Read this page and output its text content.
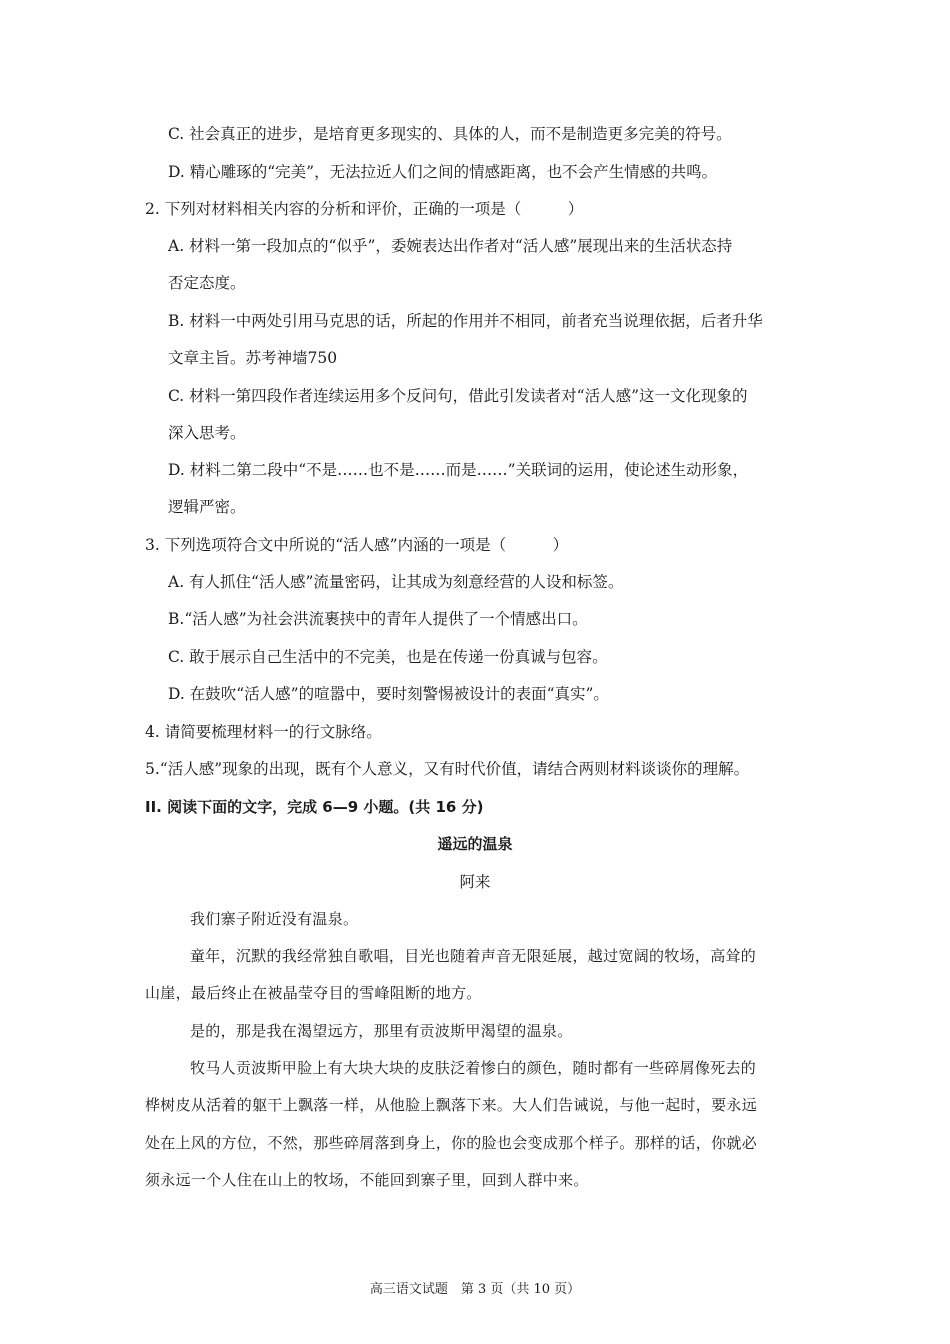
C. 社会真正的进步，是培育更多现实的、具体的人，而不是制造更多完美的符号。
D. 精心雕琢的“完美”，无法拉近人们之间的情感距离，也不会产生情感的共鸣。
2. 下列对材料相关内容的分析和评价，正确的一项是（　　　）
A. 材料一第一段加点的“似乎”，委婉表达出作者对“活人感”展现出来的生活状态持
否定态度。
B. 材料一中两处引用马克思的话，所起的作用并不相同，前者充当说理依据，后者升华
文章主旨。苏考神墙750
C. 材料一第四段作者连续运用多个反问句，借此引发读者对“活人感”这一文化现象的
深入思考。
D. 材料二第二段中“不是……也不是……而是……”关联词的运用，使论述生动形象，
逻辑严密。
3. 下列选项符合文中所说的“活人感”内涵的一项是（　　　）
A. 有人抓住“活人感”流量密码，让其成为刻意经营的人设和标签。
B.“活人感”为社会洪流裹挟中的青年人提供了一个情感出口。
C. 敢于展示自己生活中的不完美，也是在传递一份真诚与包容。
D. 在鼓吹“活人感”的喧嚣中，要时刻警惕被设计的表面“真实”。
4. 请简要梳理材料一的行文脉络。
5.“活人感”现象的出现，既有个人意义，又有时代价值，请结合两则材料谈谈你的理解。
II. 阅读下面的文字，完成 6—9 小题。(共 16 分)
遥远的温泉
阿来
我们寨子附近没有温泉。
童年，沉默的我经常独自歌唱，目光也随着声音无限延展，越过宽阔的牧场，高耸的
山崖，最后终止在被晶莹夺目的雪峰阻断的地方。
是的，那是我在渴望远方，那里有贡波斯甲渴望的温泉。
牧马人贡波斯甲脸上有大块大块的皮肤泛着惨白的颜色，随时都有一些碎屑像死去的
桦树皮从活着的躯干上飘落一样，从他脸上飘落下来。大人们告诫说，与他一起时，要永远
处在上风的方位，不然，那些碎屑落到身上，你的脸也会变成那个样子。那样的话，你就必
须永远一个人住在山上的牧场，不能回到寨子里，回到人群中来。
高三语文试题　第 3 页（共 10 页）
